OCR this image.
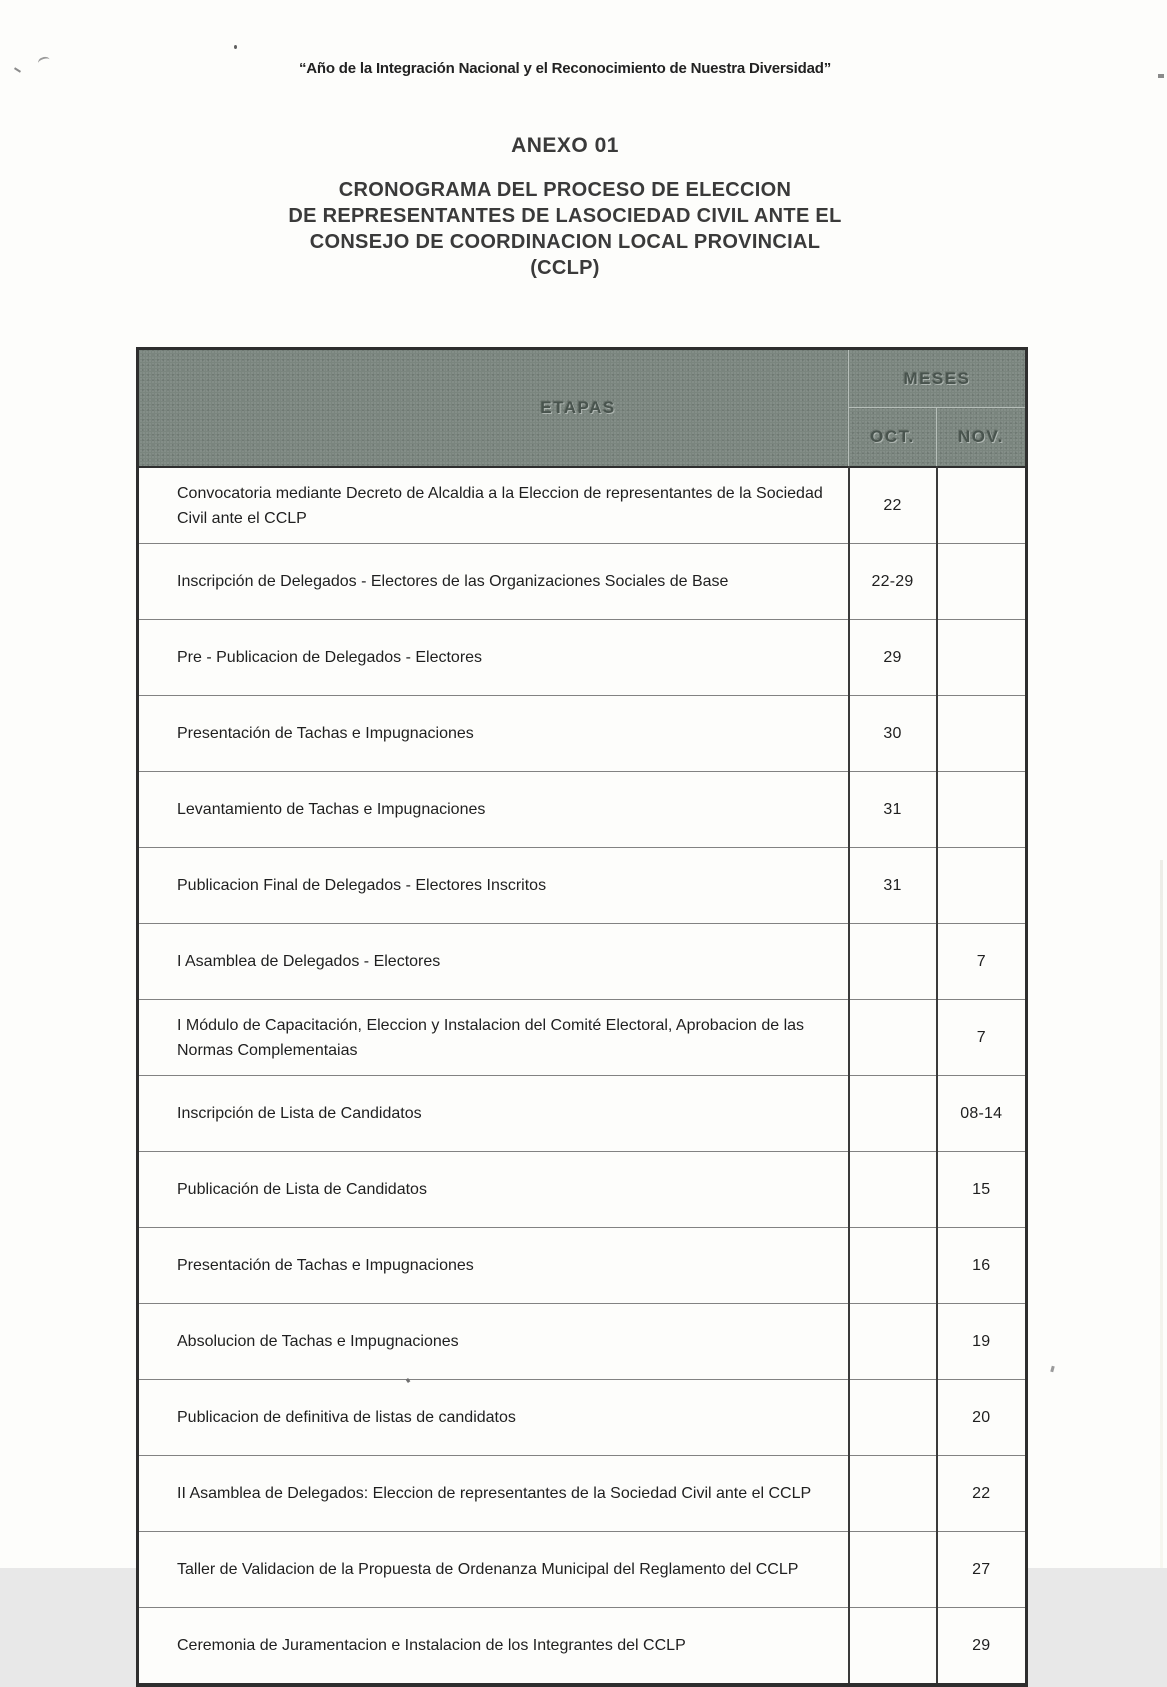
“Año de la Integración Nacional y el Reconocimiento de Nuestra Diversidad”
ANEXO 01
CRONOGRAMA DEL PROCESO DE ELECCION
DE REPRESENTANTES DE LASOCIEDAD CIVIL ANTE EL
CONSEJO DE COORDINACION LOCAL PROVINCIAL
(CCLP)
ETAPAS	MESES	
	OCT.	NOV.
Convocatoria mediante Decreto de Alcaldia a la Eleccion de representantes de la Sociedad Civil ante el CCLP	22	
Inscripción de Delegados - Electores de las Organizaciones Sociales de Base	22-29	
Pre - Publicacion de Delegados - Electores	29	
Presentación de Tachas e Impugnaciones	30	
Levantamiento de Tachas e Impugnaciones	31	
Publicacion Final de Delegados - Electores Inscritos	31	
I Asamblea de Delegados - Electores		7
I Módulo de Capacitación, Eleccion y Instalacion del Comité Electoral, Aprobacion de las Normas Complementaias		7
Inscripción de Lista de Candidatos		08-14
Publicación de Lista de Candidatos		15
Presentación de Tachas e Impugnaciones		16
Absolucion de Tachas e Impugnaciones		19
Publicacion de definitiva de listas de candidatos		20
II Asamblea de Delegados: Eleccion de representantes de la Sociedad Civil ante el CCLP		22
Taller de Validacion de la Propuesta de Ordenanza Municipal del Reglamento del CCLP		27
Ceremonia de Juramentacion e Instalacion de los Integrantes del CCLP		29
